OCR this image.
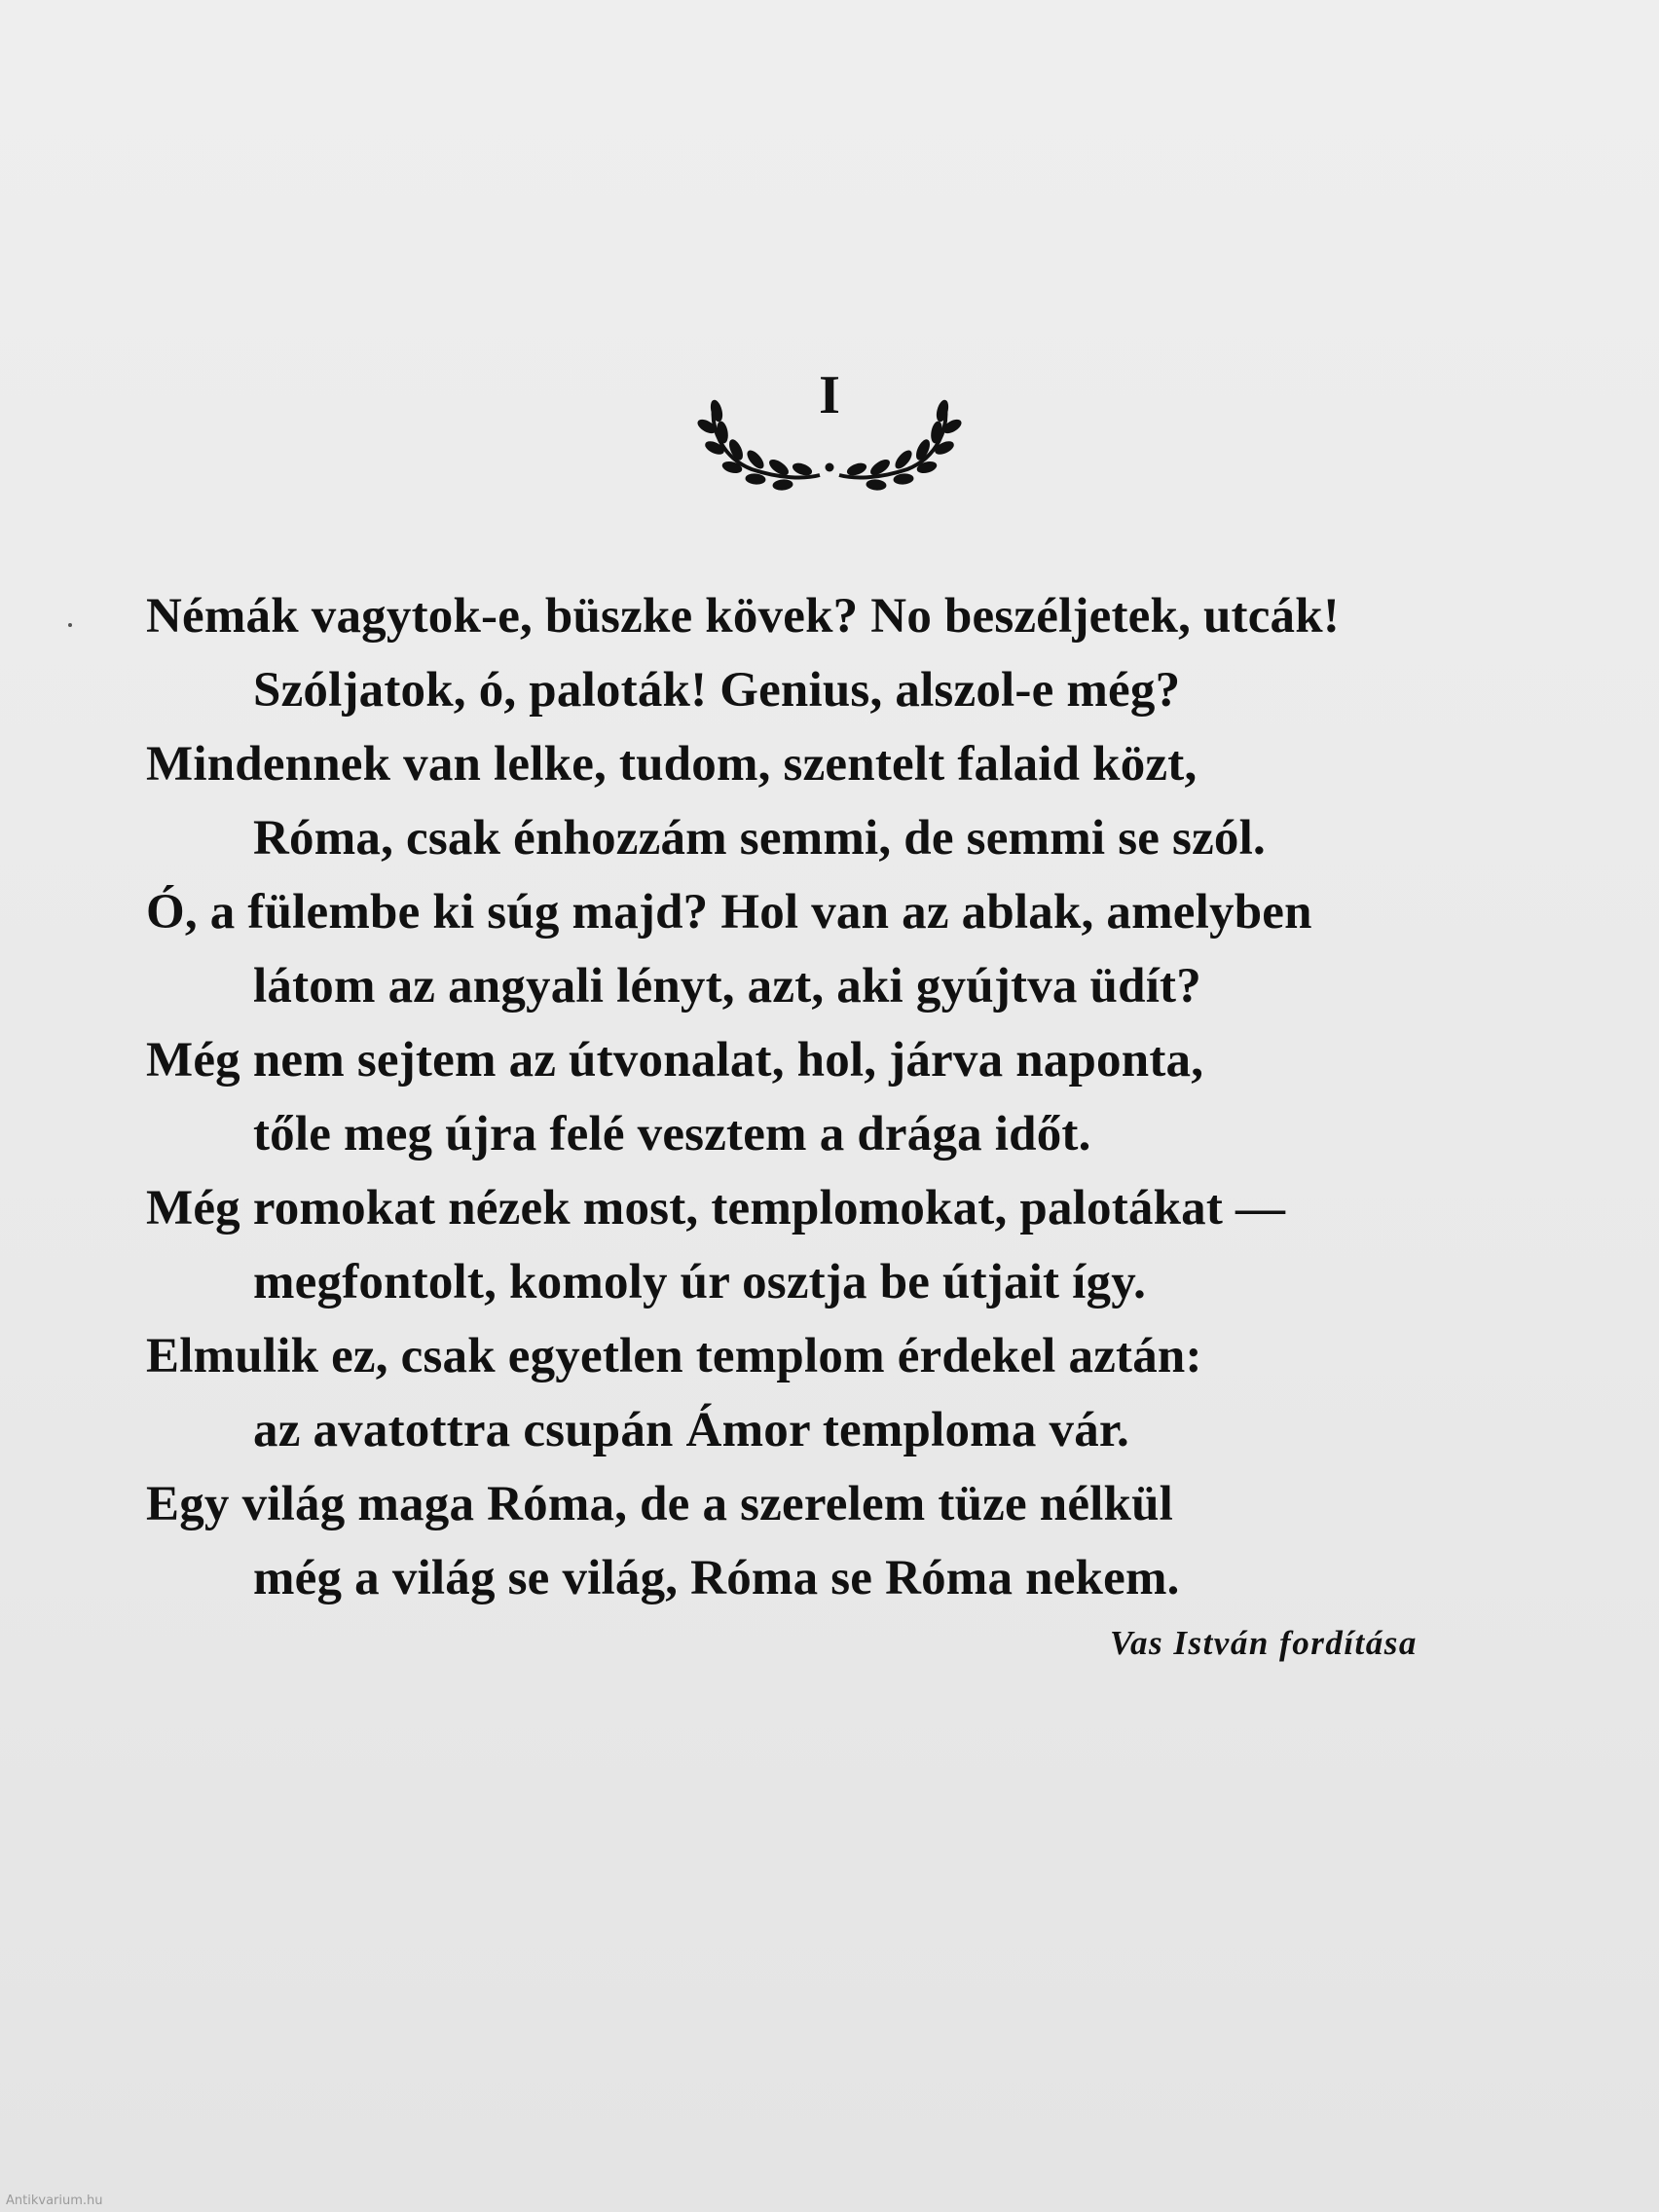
I
Némák vagytok-e, büszke kövek? No beszéljetek, utcák!
Szóljatok, ó, paloták! Genius, alszol-e még?
Mindennek van lelke, tudom, szentelt falaid közt,
Róma, csak énhozzám semmi, de semmi se szól.
Ó, a fülembe ki súg majd? Hol van az ablak, amelyben
látom az angyali lényt, azt, aki gyújtva üdít?
Még nem sejtem az útvonalat, hol, járva naponta,
tőle meg újra felé vesztem a drága időt.
Még romokat nézek most, templomokat, palotákat —
megfontolt, komoly úr osztja be útjait így.
Elmulik ez, csak egyetlen templom érdekel aztán:
az avatottra csupán Ámor temploma vár.
Egy világ maga Róma, de a szerelem tüze nélkül
még a világ se világ, Róma se Róma nekem.
Vas István fordítása
Antikvarium.hu
